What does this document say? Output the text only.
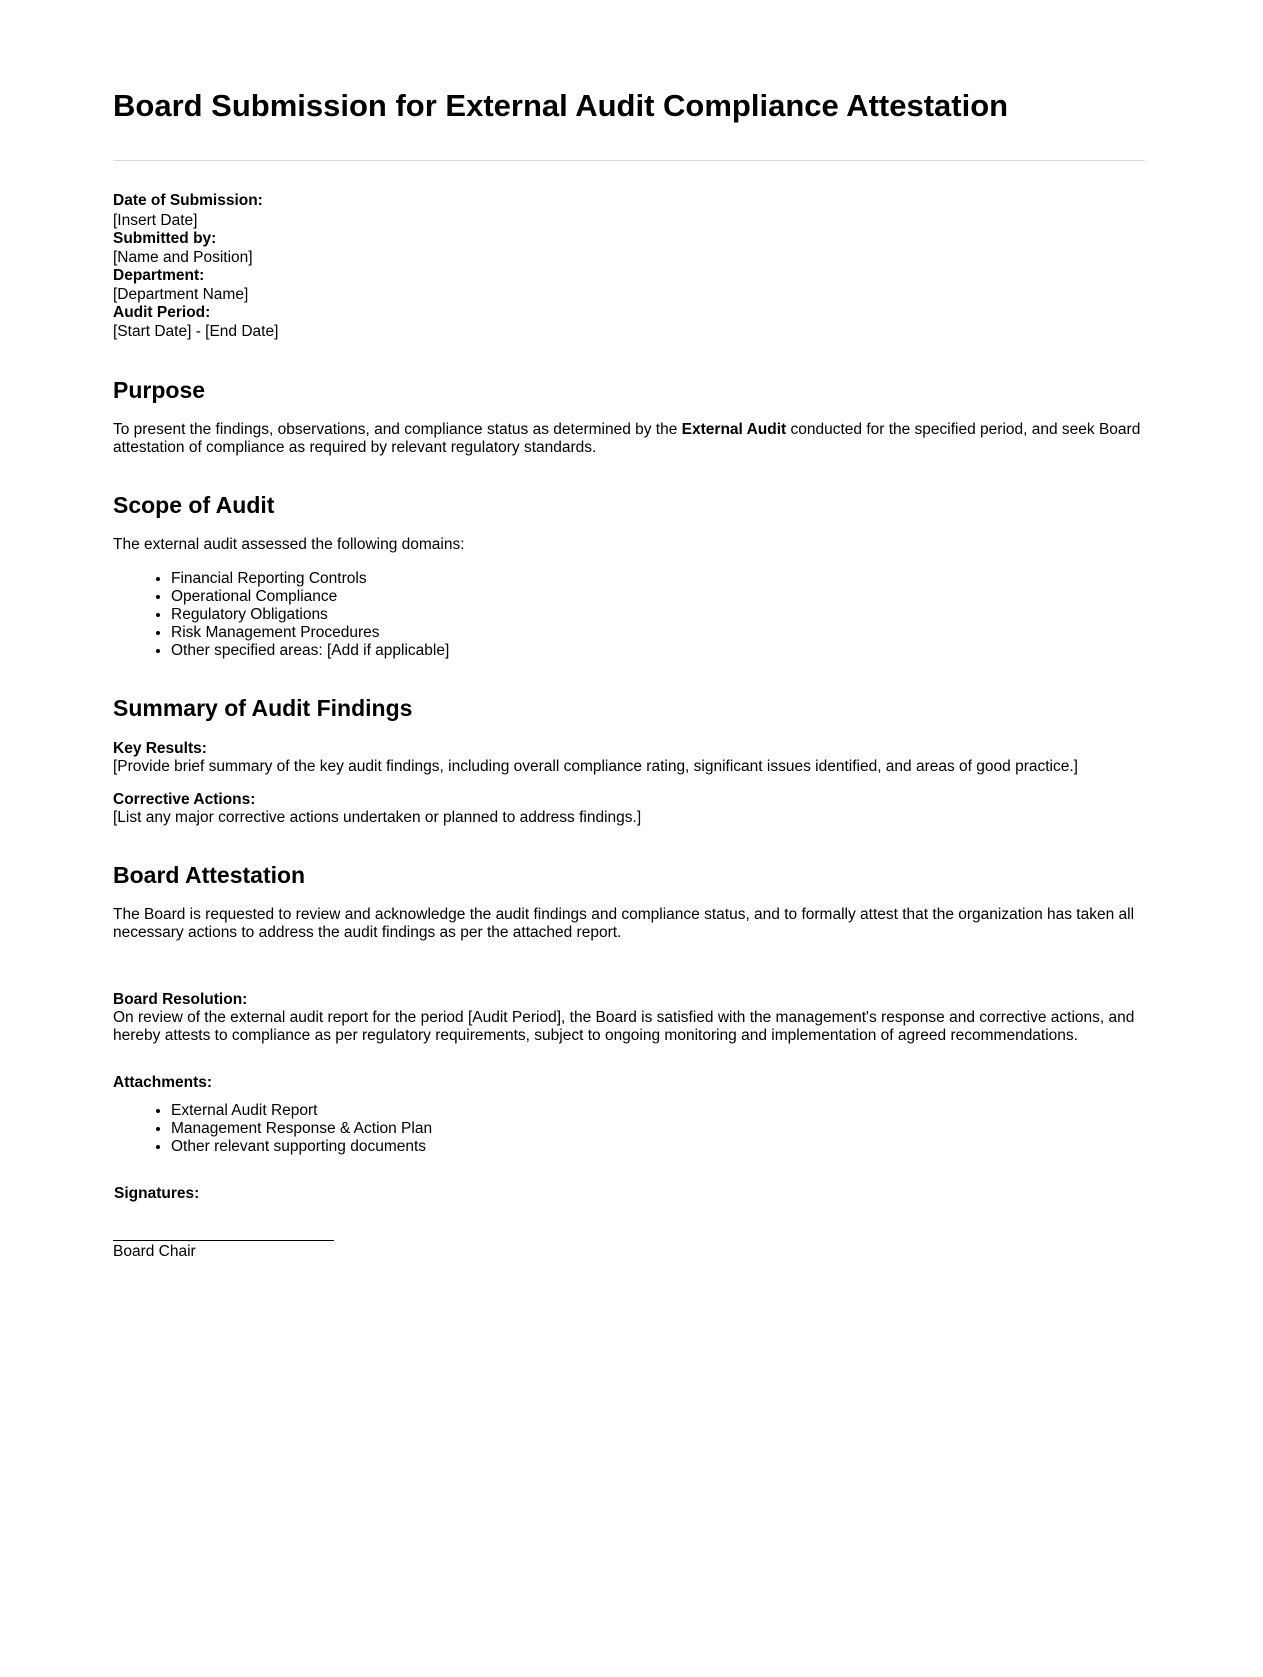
Board Submission for External Audit Compliance Attestation
Date of Submission:
[Insert Date]
Submitted by:
[Name and Position]
Department:
[Department Name]
Audit Period:
[Start Date] - [End Date]
Purpose

To present the findings, observations, and compliance status as determined by the External Audit conducted for the specified period, and seek Board attestation of compliance as required by relevant regulatory standards.

Scope of Audit

The external audit assessed the following domains:

• Financial Reporting Controls
• Operational Compliance
• Regulatory Obligations
• Risk Management Procedures
• Other specified areas: [Add if applicable]
Summary of Audit Findings
Key Results:

[Provide brief summary of the key audit findings, including overall compliance rating, significant issues identified, and areas of good practice.]

Corrective Actions:

[List any major corrective actions undertaken or planned to address findings.]

Board Attestation

The Board is requested to review and acknowledge the audit findings and compliance status, and to formally attest that the organization has taken all necessary actions to address the audit findings as per the attached report.

Board Resolution:

On review of the external audit report for the period [Audit Period], the Board is satisfied with the management's response and corrective actions, and hereby attests to compliance as per regulatory requirements, subject to ongoing monitoring and implementation of agreed recommendations.

Attachments:
• External Audit Report
• Management Response & Action Plan
• Other relevant supporting documents
Signatures:
Board Chair
